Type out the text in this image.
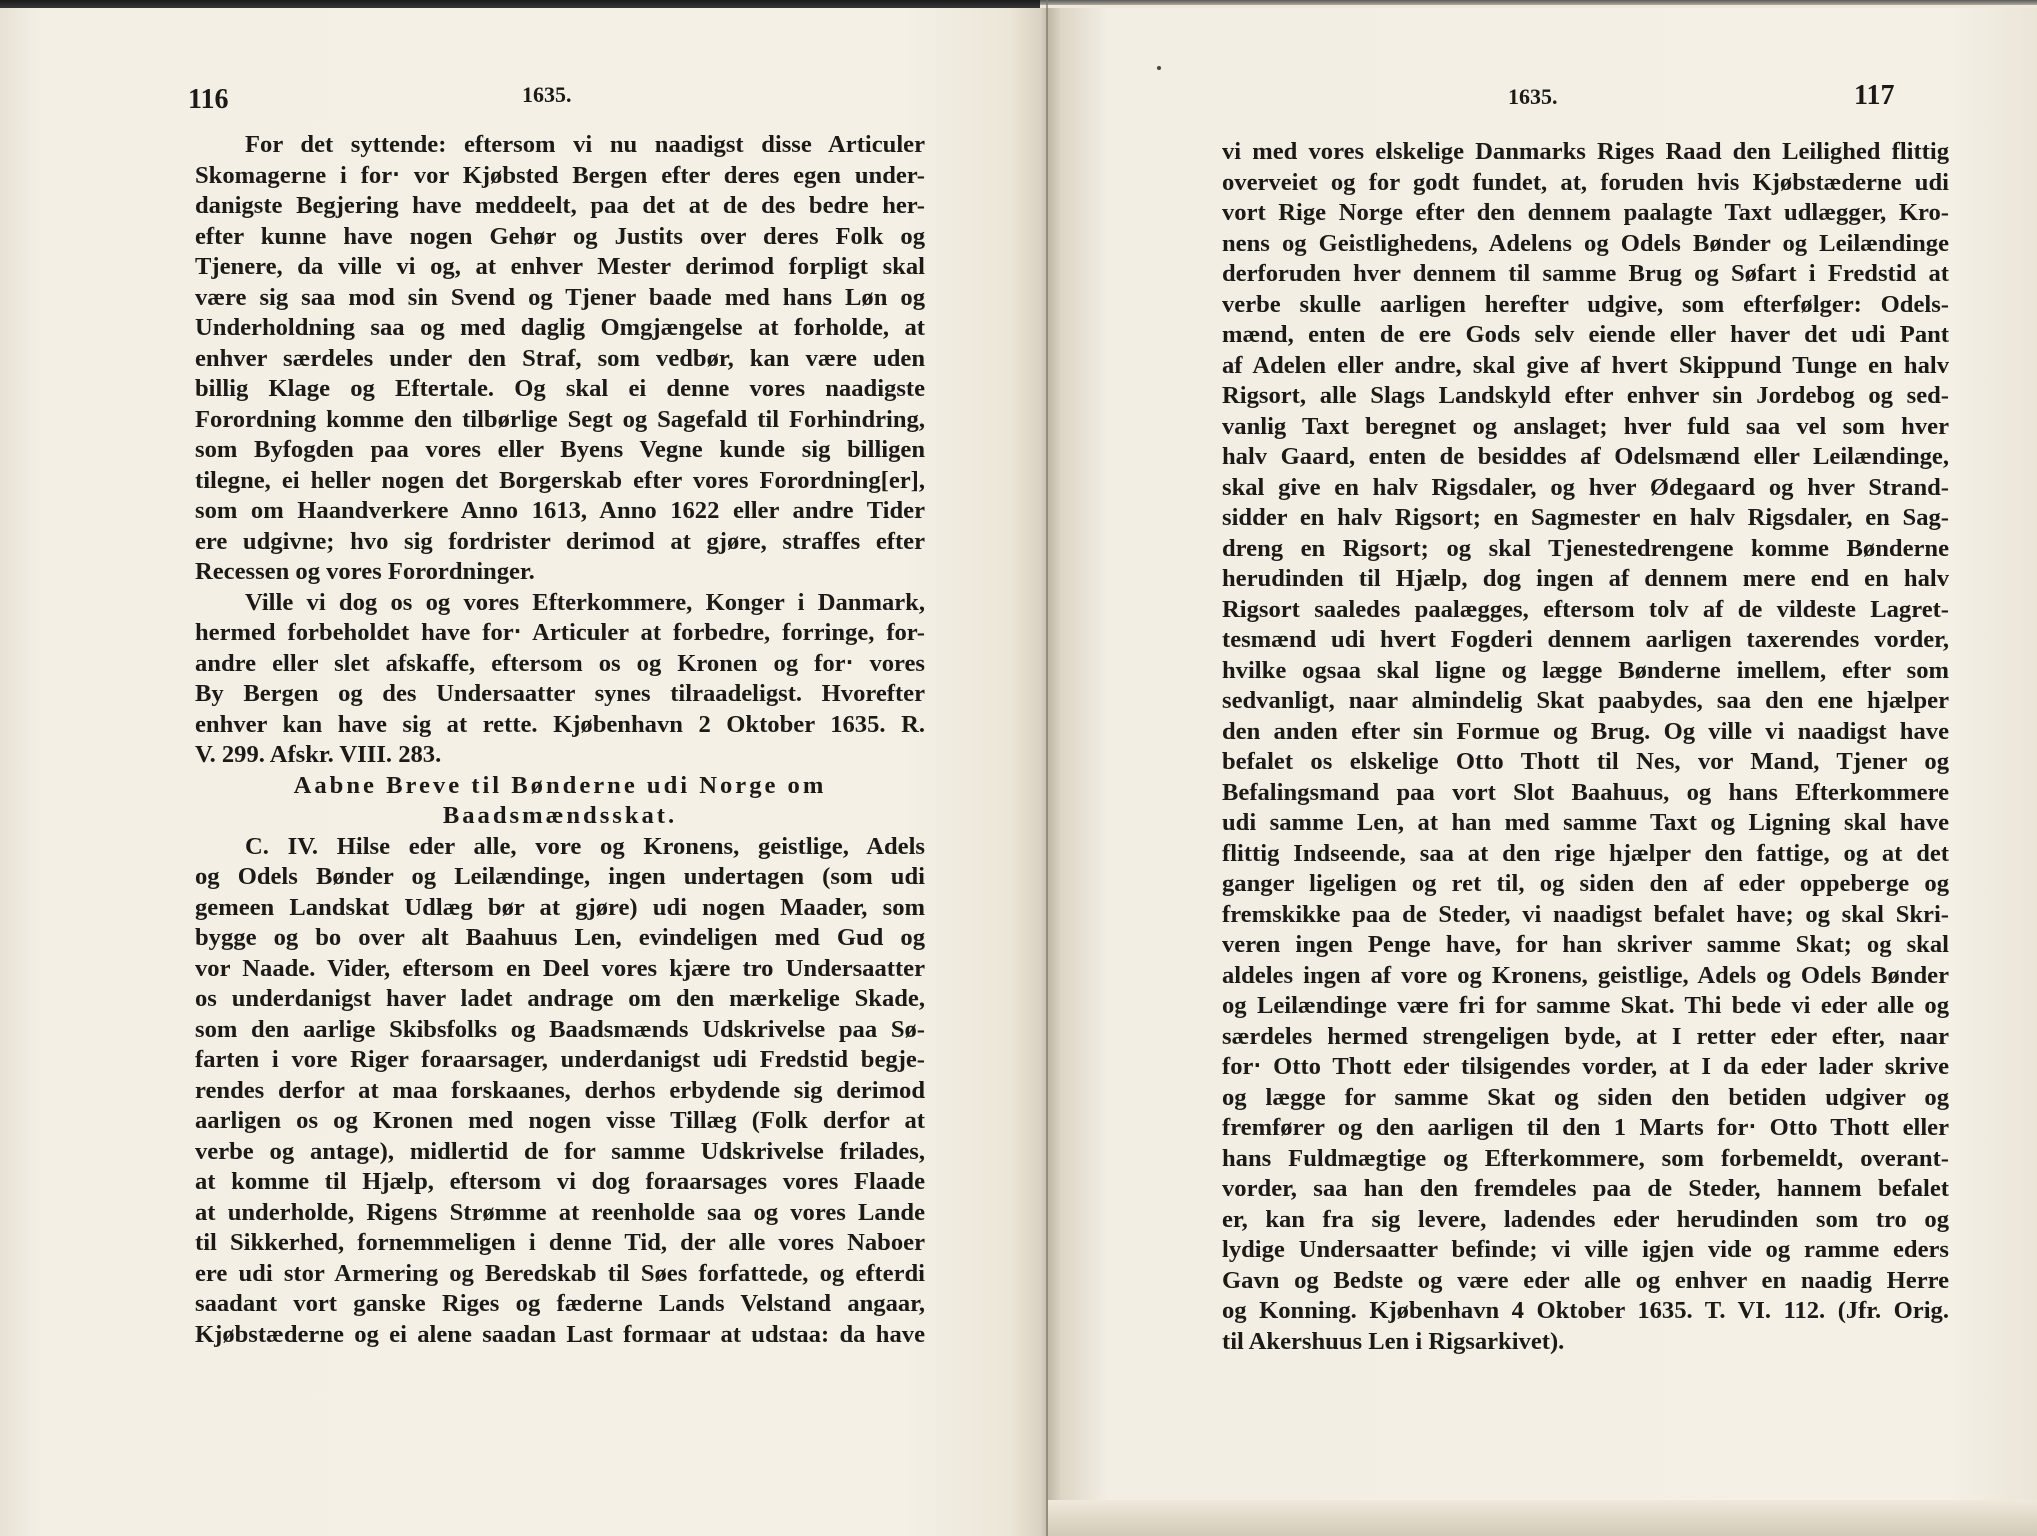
116	1635.
For det syttende: eftersom vi nu naadigst disse Articuler
Skomagerne i for‧ vor Kjøbsted Bergen efter deres egen under-
danigste Begjering have meddeelt, paa det at de des bedre her-
efter kunne have nogen Gehør og Justits over deres Folk og
Tjenere, da ville vi og, at enhver Mester derimod forpligt skal
være sig saa mod sin Svend og Tjener baade med hans Løn og
Underholdning saa og med daglig Omgjængelse at forholde, at
enhver særdeles under den Straf, som vedbør, kan være uden
billig Klage og Eftertale. Og skal ei denne vores naadigste
Forordning komme den tilbørlige Segt og Sagefald til Forhindring,
som Byfogden paa vores eller Byens Vegne kunde sig billigen
tilegne, ei heller nogen det Borgerskab efter vores Forordning[er],
som om Haandverkere Anno 1613, Anno 1622 eller andre Tider
ere udgivne; hvo sig fordrister derimod at gjøre, straffes efter
Recessen og vores Forordninger.
Ville vi dog os og vores Efterkommere, Konger i Danmark,
hermed forbeholdet have for‧ Articuler at forbedre, forringe, for-
andre eller slet afskaffe, eftersom os og Kronen og for‧ vores
By Bergen og des Undersaatter synes tilraadeligst. Hvorefter
enhver kan have sig at rette. Kjøbenhavn 2 Oktober 1635. R.
V. 299. Afskr. VIII. 283.
Aabne Breve til Bønderne udi Norge om
Baadsmændsskat.
C. IV. Hilse eder alle, vore og Kronens, geistlige, Adels
og Odels Bønder og Leilændinge, ingen undertagen (som udi
gemeen Landskat Udlæg bør at gjøre) udi nogen Maader, som
bygge og bo over alt Baahuus Len, evindeligen med Gud og
vor Naade. Vider, eftersom en Deel vores kjære tro Undersaatter
os underdanigst haver ladet andrage om den mærkelige Skade,
som den aarlige Skibsfolks og Baadsmænds Udskrivelse paa Sø-
farten i vore Riger foraarsager, underdanigst udi Fredstid begje-
rendes derfor at maa forskaanes, derhos erbydende sig derimod
aarligen os og Kronen med nogen visse Tillæg (Folk derfor at
verbe og antage), midlertid de for samme Udskrivelse frilades,
at komme til Hjælp, eftersom vi dog foraarsages vores Flaade
at underholde, Rigens Strømme at reenholde saa og vores Lande
til Sikkerhed, fornemmeligen i denne Tid, der alle vores Naboer
ere udi stor Armering og Beredskab til Søes forfattede, og efterdi
saadant vort ganske Riges og fæderne Lands Velstand angaar,
Kjøbstæderne og ei alene saadan Last formaar at udstaa: da have
1635.	117
vi med vores elskelige Danmarks Riges Raad den Leilighed flittig
overveiet og for godt fundet, at, foruden hvis Kjøbstæderne udi
vort Rige Norge efter den dennem paalagte Taxt udlægger, Kro-
nens og Geistlighedens, Adelens og Odels Bønder og Leilændinge
derforuden hver dennem til samme Brug og Søfart i Fredstid at
verbe skulle aarligen herefter udgive, som efterfølger: Odels-
mænd, enten de ere Gods selv eiende eller haver det udi Pant
af Adelen eller andre, skal give af hvert Skippund Tunge en halv
Rigsort, alle Slags Landskyld efter enhver sin Jordebog og sed-
vanlig Taxt beregnet og anslaget; hver fuld saa vel som hver
halv Gaard, enten de besiddes af Odelsmænd eller Leilændinge,
skal give en halv Rigsdaler, og hver Ødegaard og hver Strand-
sidder en halv Rigsort; en Sagmester en halv Rigsdaler, en Sag-
dreng en Rigsort; og skal Tjenestedrengene komme Bønderne
herudinden til Hjælp, dog ingen af dennem mere end en halv
Rigsort saaledes paalægges, eftersom tolv af de vildeste Lagret-
tesmænd udi hvert Fogderi dennem aarligen taxerendes vorder,
hvilke ogsaa skal ligne og lægge Bønderne imellem, efter som
sedvanligt, naar almindelig Skat paabydes, saa den ene hjælper
den anden efter sin Formue og Brug. Og ville vi naadigst have
befalet os elskelige Otto Thott til Nes, vor Mand, Tjener og
Befalingsmand paa vort Slot Baahuus, og hans Efterkommere
udi samme Len, at han med samme Taxt og Ligning skal have
flittig Indseende, saa at den rige hjælper den fattige, og at det
ganger ligeligen og ret til, og siden den af eder oppeberge og
fremskikke paa de Steder, vi naadigst befalet have; og skal Skri-
veren ingen Penge have, for han skriver samme Skat; og skal
aldeles ingen af vore og Kronens, geistlige, Adels og Odels Bønder
og Leilændinge være fri for samme Skat. Thi bede vi eder alle og
særdeles hermed strengeligen byde, at I retter eder efter, naar
for‧ Otto Thott eder tilsigendes vorder, at I da eder lader skrive
og lægge for samme Skat og siden den betiden udgiver og
fremfører og den aarligen til den 1 Marts for‧ Otto Thott eller
hans Fuldmægtige og Efterkommere, som forbemeldt, overant-
vorder, saa han den fremdeles paa de Steder, hannem befalet
er, kan fra sig levere, ladendes eder herudinden som tro og
lydige Undersaatter befinde; vi ville igjen vide og ramme eders
Gavn og Bedste og være eder alle og enhver en naadig Herre
og Konning. Kjøbenhavn 4 Oktober 1635. T. VI. 112. (Jfr. Orig.
til Akershuus Len i Rigsarkivet).
